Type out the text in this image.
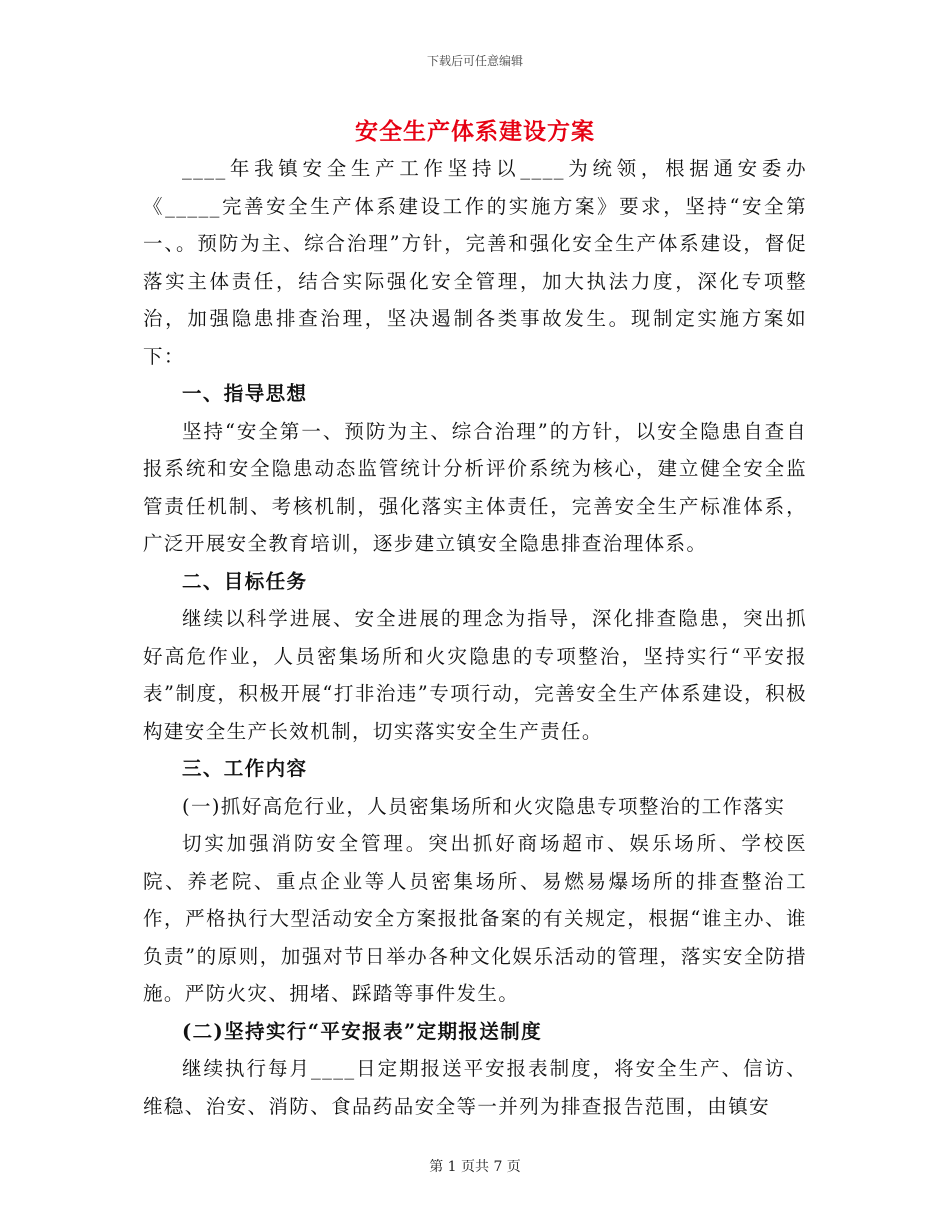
下载后可任意编辑
安全生产体系建设方案

____年我镇安全生产工作坚持以____为统领，根据通安委办《_____完善安全生产体系建设工作的实施方案》要求，坚持“安全第一、。预防为主、综合治理”方针，完善和强化安全生产体系建设，督促落实主体责任，结合实际强化安全管理，加大执法力度，深化专项整治，加强隐患排查治理，坚决遏制各类事故发生。现制定实施方案如下：

一、指导思想

坚持“安全第一、预防为主、综合治理”的方针，以安全隐患自查自报系统和安全隐患动态监管统计分析评价系统为核心，建立健全安全监管责任机制、考核机制，强化落实主体责任，完善安全生产标准体系，广泛开展安全教育培训，逐步建立镇安全隐患排查治理体系。

二、目标任务

继续以科学进展、安全进展的理念为指导，深化排查隐患，突出抓好高危作业，人员密集场所和火灾隐患的专项整治，坚持实行“平安报表”制度，积极开展“打非治违”专项行动，完善安全生产体系建设，积极构建安全生产长效机制，切实落实安全生产责任。

三、工作内容

(一)抓好高危行业，人员密集场所和火灾隐患专项整治的工作落实

切实加强消防安全管理。突出抓好商场超市、娱乐场所、学校医院、养老院、重点企业等人员密集场所、易燃易爆场所的排查整治工作，严格执行大型活动安全方案报批备案的有关规定，根据“谁主办、谁负责”的原则，加强对节日举办各种文化娱乐活动的管理，落实安全防措施。严防火灾、拥堵、踩踏等事件发生。

(二)坚持实行“平安报表”定期报送制度

继续执行每月____日定期报送平安报表制度，将安全生产、信访、维稳、治安、消防、食品药品安全等一并列为排查报告范围，由镇安

第 1 页共 7 页
